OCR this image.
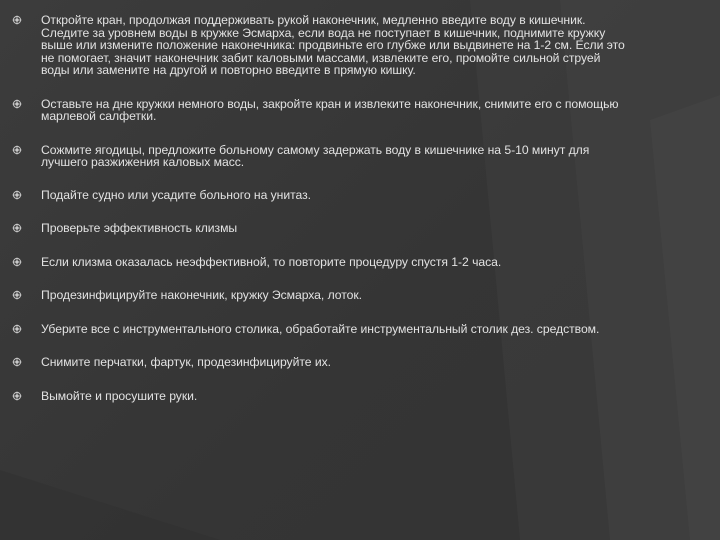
Откройте кран, продолжая поддерживать рукой наконечник, медленно введите воду в кишечник.
Следите за уровнем воды в кружке Эсмарха, если вода не поступает в кишечник, поднимите кружку
выше или измените положение наконечника: продвиньте его глубже или выдвинете на 1-2 см. Если это
не помогает, значит наконечник забит каловыми массами, извлеките его, промойте сильной струей
воды или замените на другой и повторно введите в прямую кишку.
Оставьте на дне кружки немного воды, закройте кран и извлеките наконечник, снимите его с помощью
марлевой салфетки.
Сожмите ягодицы, предложите больному самому задержать воду в кишечнике на 5-10 минут для
лучшего разжижения каловых масс.
Подайте судно или усадите больного на унитаз.
Проверьте эффективность клизмы
Если клизма оказалась неэффективной, то повторите процедуру спустя 1-2 часа.
Продезинфицируйте наконечник, кружку Эсмарха, лоток.
Уберите все с инструментального столика, обработайте инструментальный столик дез. средством.
Снимите перчатки, фартук, продезинфицируйте их.
Вымойте и просушите руки.
